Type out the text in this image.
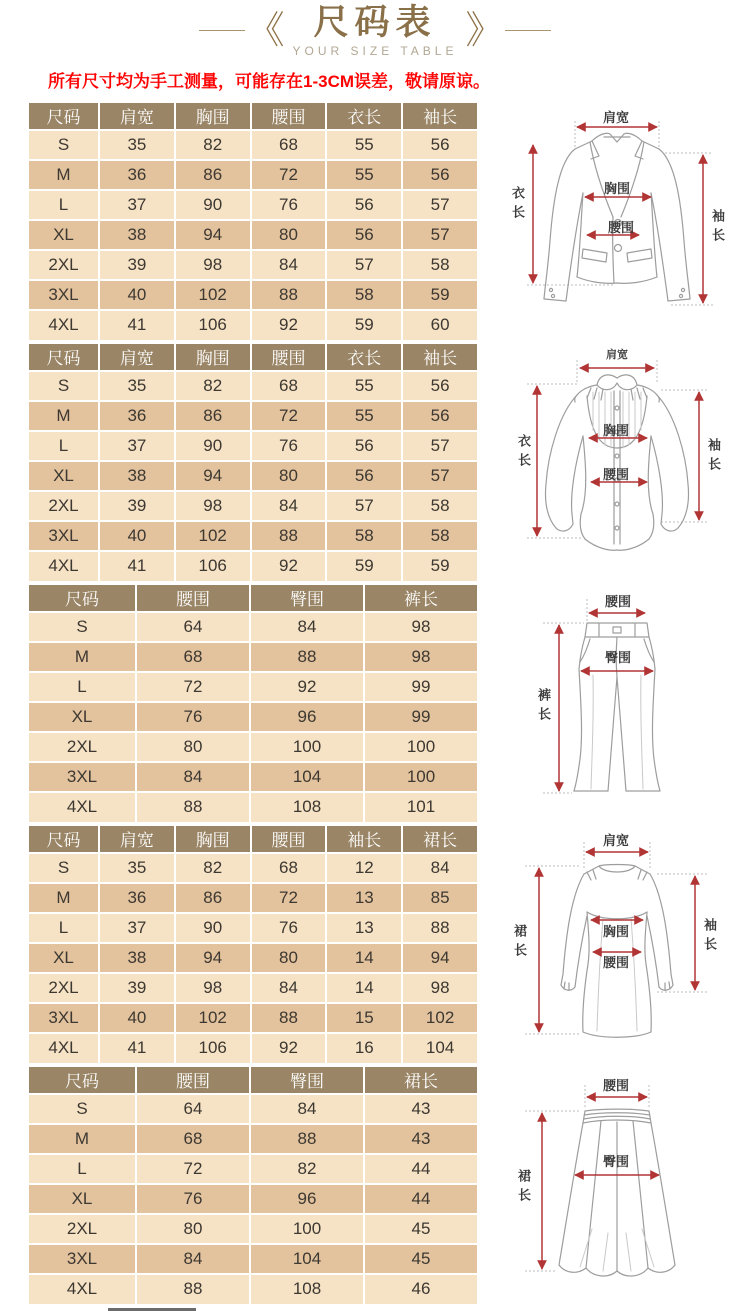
《 尺码表
YOUR SIZE TABLE 》
所有尺寸均为手工测量，可能存在1-3CM误差，敬请原谅。
尺码	肩宽	胸围	腰围	衣长	袖长
S	35	82	68	55	56
M	36	86	72	55	56
L	37	90	76	56	57
XL	38	94	80	56	57
2XL	39	98	84	57	58
3XL	40	102	88	58	59
4XL	41	106	92	59	60
尺码	肩宽	胸围	腰围	衣长	袖长
S	35	82	68	55	56
M	36	86	72	55	56
L	37	90	76	56	57
XL	38	94	80	56	57
2XL	39	98	84	57	58
3XL	40	102	88	58	58
4XL	41	106	92	59	59
尺码	腰围	臀围	裤长
S	64	84	98
M	68	88	98
L	72	92	99
XL	76	96	99
2XL	80	100	100
3XL	84	104	100
4XL	88	108	101
尺码	肩宽	胸围	腰围	袖长	裙长
S	35	82	68	12	84
M	36	86	72	13	85
L	37	90	76	13	88
XL	38	94	80	14	94
2XL	39	98	84	14	98
3XL	40	102	88	15	102
4XL	41	106	92	16	104
尺码	腰围	臀围	裙长
S	64	84	43
M	68	88	43
L	72	82	44
XL	76	96	44
2XL	80	100	45
3XL	84	104	45
4XL	88	108	46
肩宽
胸围
腰围
衣长
袖长
肩宽
胸围
腰围
衣长	袖长
腰围
臀围
裤长
肩宽
胸围
腰围
裙长	袖长
腰围
臀围
裙长
